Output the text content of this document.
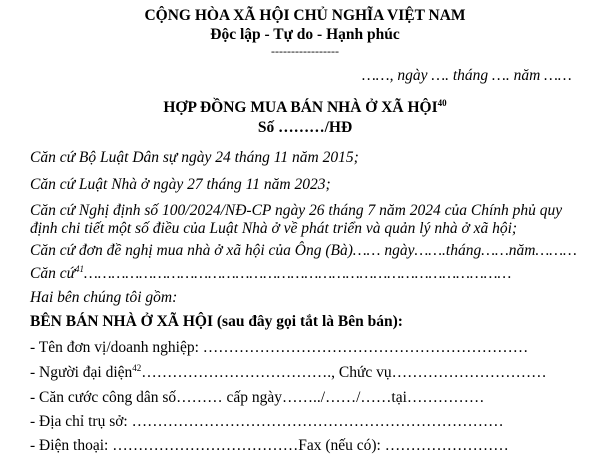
CỘNG HÒA XÃ HỘI CHỦ NGHĨA VIỆT NAM
Độc lập - Tự do - Hạnh phúc
-----------------
……, ngày …. tháng …. năm ……
HỢP ĐỒNG MUA BÁN NHÀ Ở XÃ HỘI$^{40}$
Số ………/HĐ
Căn cứ Bộ Luật Dân sự ngày 24 tháng 11 năm 2015;
Căn cứ Luật Nhà ở ngày 27 tháng 11 năm 2023;
Căn cứ Nghị định số 100/2024/NĐ-CP ngày 26 tháng 7 năm 2024 của Chính phủ quy
định chi tiết một số điều của Luật Nhà ở về phát triển và quản lý nhà ở xã hội;
Căn cứ đơn đề nghị mua nhà ở xã hội của Ông (Bà)…… ngày…….tháng……năm………
Căn cứ$^{41}$…………………………………………………………………………………
Hai bên chúng tôi gồm:
BÊN BÁN NHÀ Ở XÃ HỘI (sau đây gọi tắt là Bên bán):
- Tên đơn vị/doanh nghiệp: ………………………………………………………
- Người đại diện$^{42}$………………………………., Chức vụ…………………………
- Căn cước công dân số……… cấp ngày……../……/……tại……………
- Địa chỉ trụ sở: ………………………………………………………………
- Điện thoại: ………………………………Fax (nếu có): ……………………
